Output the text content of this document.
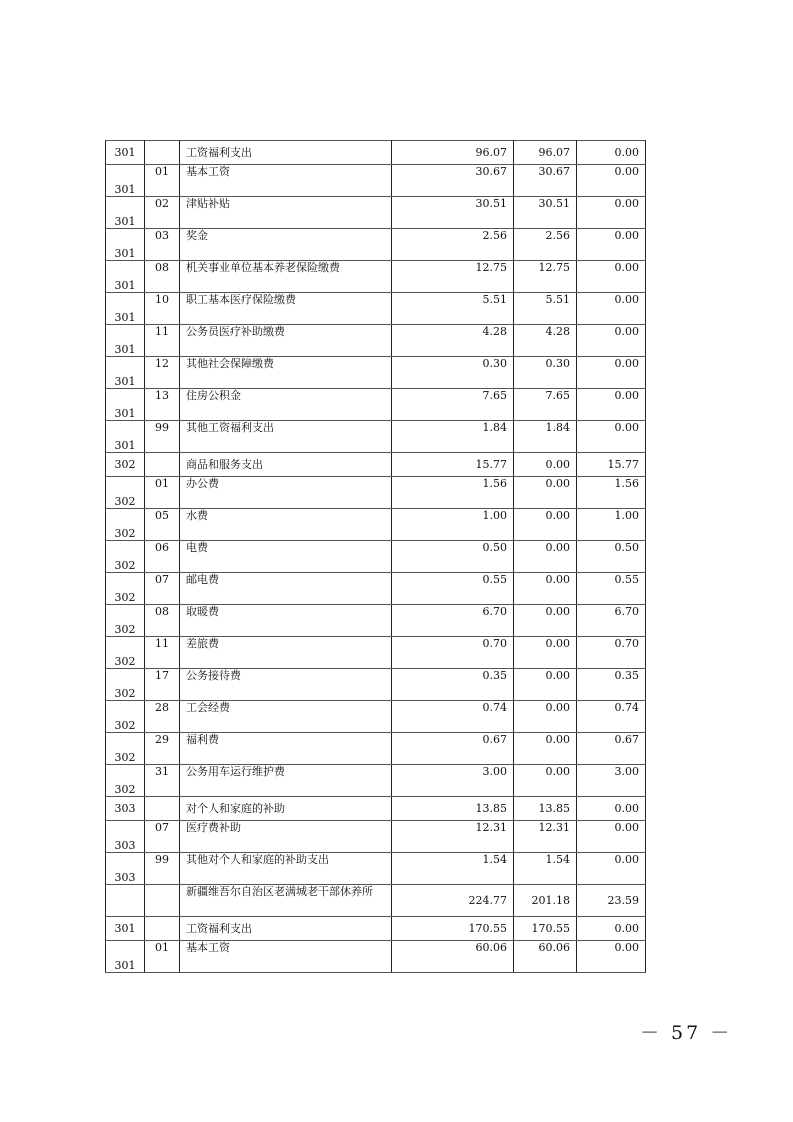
301		工资福利支出	96.07	96.07	0.00
301	01	基本工资	30.67	30.67	0.00
301	02	津贴补贴	30.51	30.51	0.00
301	03	奖金	2.56	2.56	0.00
301	08	机关事业单位基本养老保险缴费	12.75	12.75	0.00
301	10	职工基本医疗保险缴费	5.51	5.51	0.00
301	11	公务员医疗补助缴费	4.28	4.28	0.00
301	12	其他社会保障缴费	0.30	0.30	0.00
301	13	住房公积金	7.65	7.65	0.00
301	99	其他工资福利支出	1.84	1.84	0.00
302		商品和服务支出	15.77	0.00	15.77
302	01	办公费	1.56	0.00	1.56
302	05	水费	1.00	0.00	1.00
302	06	电费	0.50	0.00	0.50
302	07	邮电费	0.55	0.00	0.55
302	08	取暖费	6.70	0.00	6.70
302	11	差旅费	0.70	0.00	0.70
302	17	公务接待费	0.35	0.00	0.35
302	28	工会经费	0.74	0.00	0.74
302	29	福利费	0.67	0.00	0.67
302	31	公务用车运行维护费	3.00	0.00	3.00
303		对个人和家庭的补助	13.85	13.85	0.00
303	07	医疗费补助	12.31	12.31	0.00
303	99	其他对个人和家庭的补助支出	1.54	1.54	0.00
		新疆维吾尔自治区老满城老干部休养所	224.77	201.18	23.59
301		工资福利支出	170.55	170.55	0.00
301	01	基本工资	60.06	60.06	0.00
－ 57 －
